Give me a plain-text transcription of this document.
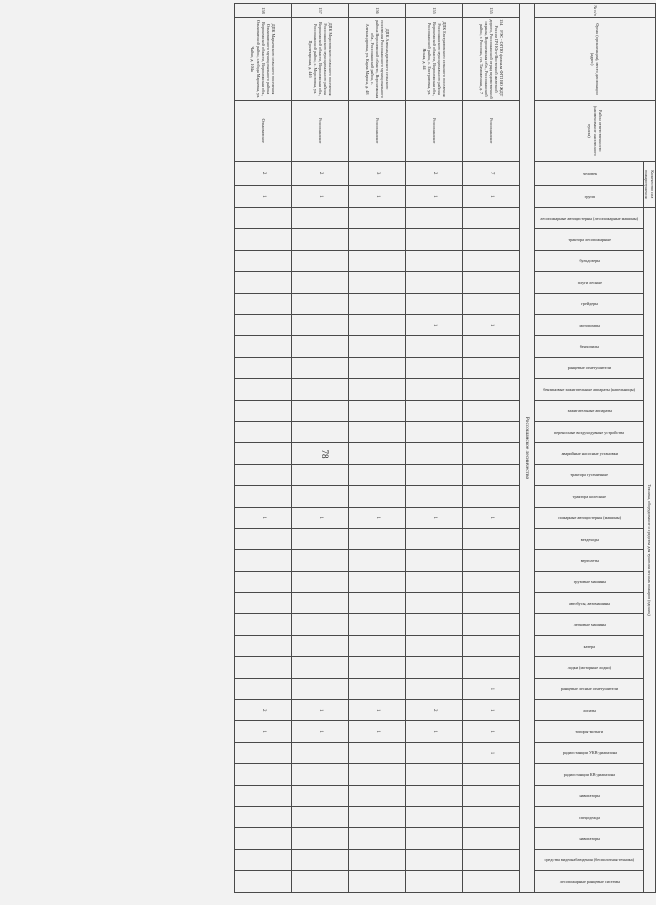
78
№ п/п	Орган (организация), место дислокации (адрес)	Район ответственности (наименование населенного пункта)	Количество сил пожаротушения		Техника, оборудование и средства для тушения лесных пожаров (единиц)																															

			человек	групп	лесопожарные автоцистерны (лесопожарные машины)	трактора лесопожарные	бульдозеры	плуги лесные	грейдеры	мотопомпы	бензопилы	ранцевые огнетушители	бензиновые зажигательные аппараты (капельницы)	зажигательные аппараты	переносные воздуходувные устройства	аварийные насосные установки	трактора гусеничные	трактора колесные	пожарные автоцистерны (машины)	вездеходы	вертолеты	грузовые машины	автобусы, автомашины	легковые машины	катера	лодки (моторные лодки)	ранцевые лесные огнетушители	лопаты	топоры-мотыги	радиостанции УКВ-диапазона	радиостанции КВ-диапазона	навигаторы	спецодежда	навигаторы	средства видеонаблюдения (беспилотная техника)	лесопожарные ранцевые системы
Россошанское лесничество																																				
155	154
РЭС - ОГПО филиала ФГП ВО ЖДТ России ПЧ Юго-Восточной железной дороги, Россошанский отряд ведомственной охраны, Воронежская обл., Россошанский район, г. Россошь, пл. Таможенная, д. 7	Россошанское	7	1						1									1								1	1	1	1						
155	ДПК Евстратовского сельского поселения Россошанского муниципального района Воронежской области, Воронежская обл., Россошанский район, с. Евстратовка, ул. Ясная, д. 44	Россошанское	2	1						1									1									2	1							
156	ДПК Александровского сельского поселения Россошанского муниципального района Воронежской области, Воронежская обл., Россошанский район, с. Александровка, ул. Карла Маркса, д. 48	Россошанское	3	1															1									1	1							
157	ДПК Морозовского сельского поселения Россошанского муниципального района Воронежской области, Воронежская обл., Россошанский район, с. Морозовка, ул. Пролетарская, д. 44б	Россошанское	2	1															1									1	1							
158	ДПК Марьевского сельского поселения Ольховатского муниципального района Воронежской области, Воронежская обл., Ольховатский район, слобода Марьевка, ул. Чайко, д. 104а	Ольховатское	2	1															1									2	1							
